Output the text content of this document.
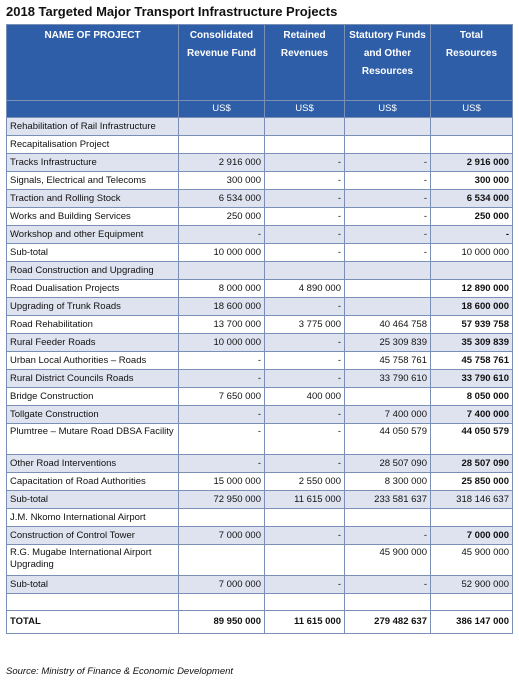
2018 Targeted Major Transport Infrastructure Projects
NAME OF PROJECT	Consolidated Revenue Fund	Retained Revenues	Statutory Funds and Other Resources	Total Resources
	US$	US$	US$	US$
Rehabilitation of Rail Infrastructure				
Recapitalisation Project				
Tracks Infrastructure	2 916 000	-	-	2 916 000
Signals, Electrical and Telecoms	300 000	-	-	300 000
Traction and Rolling Stock	6 534 000	-	-	6 534 000
Works and Building Services	250 000	-	-	250 000
Workshop and other Equipment	-	-	-	-
Sub-total	10 000 000	-	-	10 000 000
Road Construction and Upgrading				
Road Dualisation Projects	8 000 000	4 890 000		12 890 000
Upgrading of Trunk Roads	18 600 000	-		18 600 000
Road Rehabilitation	13 700 000	3 775 000	40 464 758	57 939 758
Rural Feeder Roads	10 000 000	-	25 309 839	35 309 839
Urban Local Authorities – Roads	-	-	45 758 761	45 758 761
Rural District Councils Roads	-	-	33 790 610	33 790 610
Bridge Construction	7 650 000	400 000		8 050 000
Tollgate Construction	-	-	7 400 000	7 400 000
Plumtree – Mutare Road DBSA Facility	-	-	44 050 579	44 050 579
Other Road Interventions	-	-	28 507 090	28 507 090
Capacitation of Road Authorities	15 000 000	2 550 000	8 300 000	25 850 000
Sub-total	72 950 000	11 615 000	233 581 637	318 146 637
J.M. Nkomo International Airport				
Construction of Control Tower	7 000 000	-	-	7 000 000
R.G. Mugabe International Airport Upgrading			45 900 000	45 900 000
Sub-total	7 000 000	-	-	52 900 000

TOTAL	89 950 000	11 615 000	279 482 637	386 147 000
Source: Ministry of Finance & Economic Development
